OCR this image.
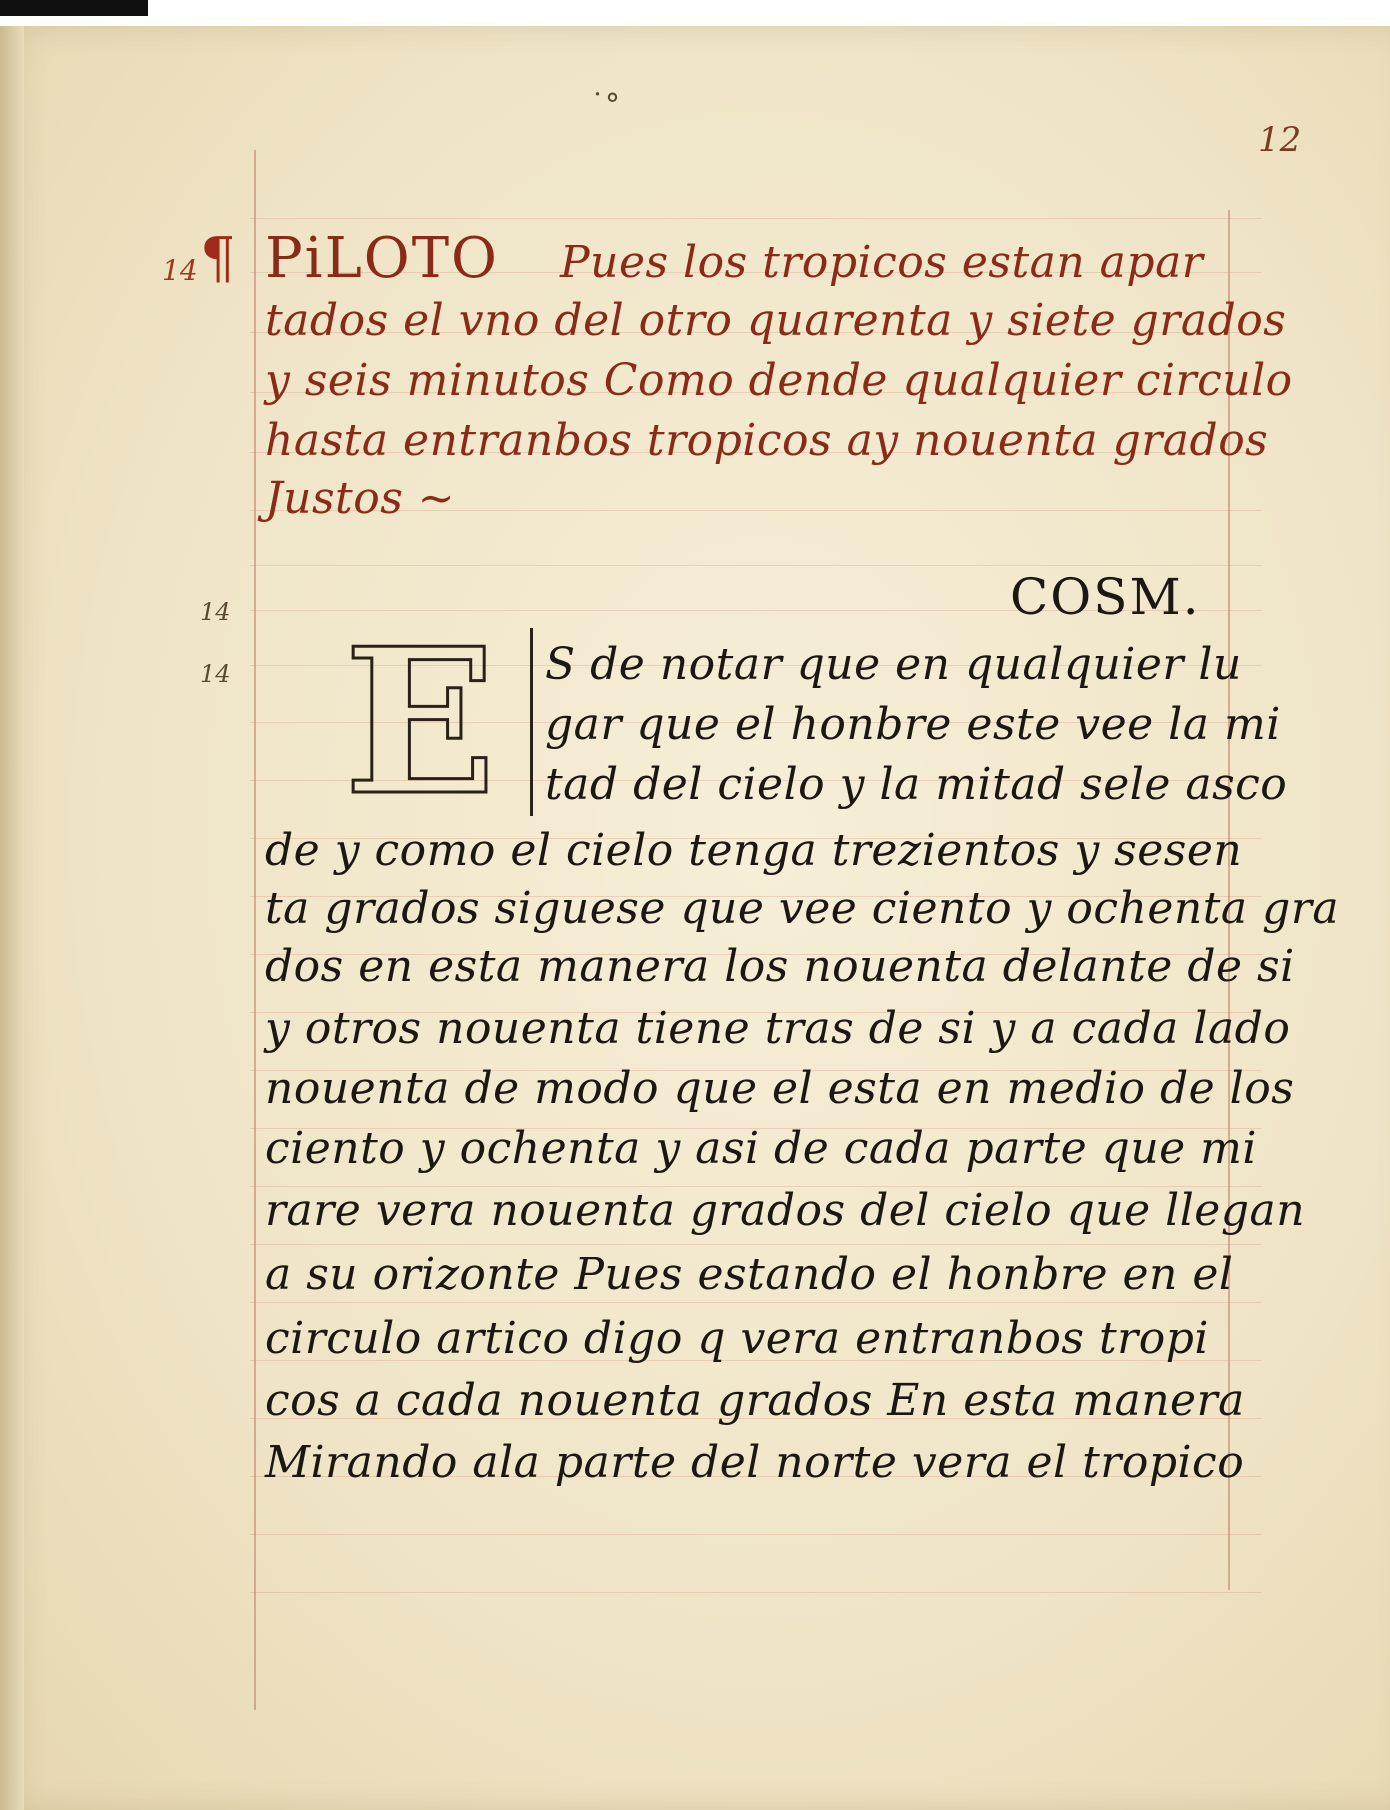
12
˙°
14 ¶ PiLOTO Pues los tropicos estan apar
tados el vno del otro quarenta y siete grados
y seis minutos Como dende qualquier circulo
hasta entranbos tropicos ay nouenta grados
Justos ~
14
14
COSM.
E S de notar que en qualquier lu
gar que el honbre este vee la mi
tad del cielo y la mitad sele asco
de y como el cielo tenga trezientos y sesen
ta grados siguese que vee ciento y ochenta gra
dos en esta manera los nouenta delante de si
y otros nouenta tiene tras de si y a cada lado
nouenta de modo que el esta en medio de los
ciento y ochenta y asi de cada parte que mi
rare vera nouenta grados del cielo que llegan
a su orizonte Pues estando el honbre en el
circulo artico digo q vera entranbos tropi
cos a cada nouenta grados En esta manera
Mirando ala parte del norte vera el tropico
